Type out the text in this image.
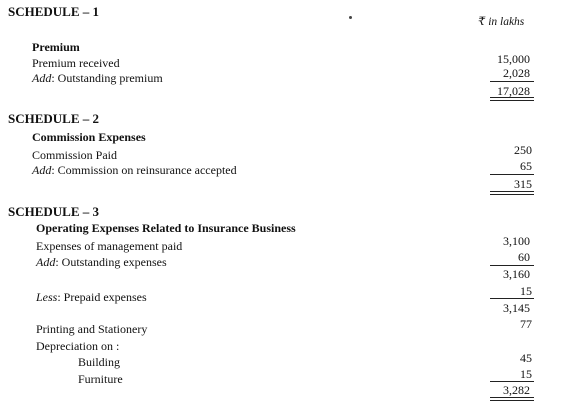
₹ in lakhs
SCHEDULE – 1
Premium
Premium received	15,000
Add: Outstanding premium	2,028
17,028
SCHEDULE – 2
Commission Expenses
Commission Paid	250
Add: Commission on reinsurance accepted	65
315
SCHEDULE – 3
Operating Expenses Related to Insurance Business
Expenses of management paid	3,100
Add: Outstanding expenses	60
3,160
Less: Prepaid expenses	15
3,145
Printing and Stationery	77
Depreciation on :
Building	45
Furniture	15
3,282
